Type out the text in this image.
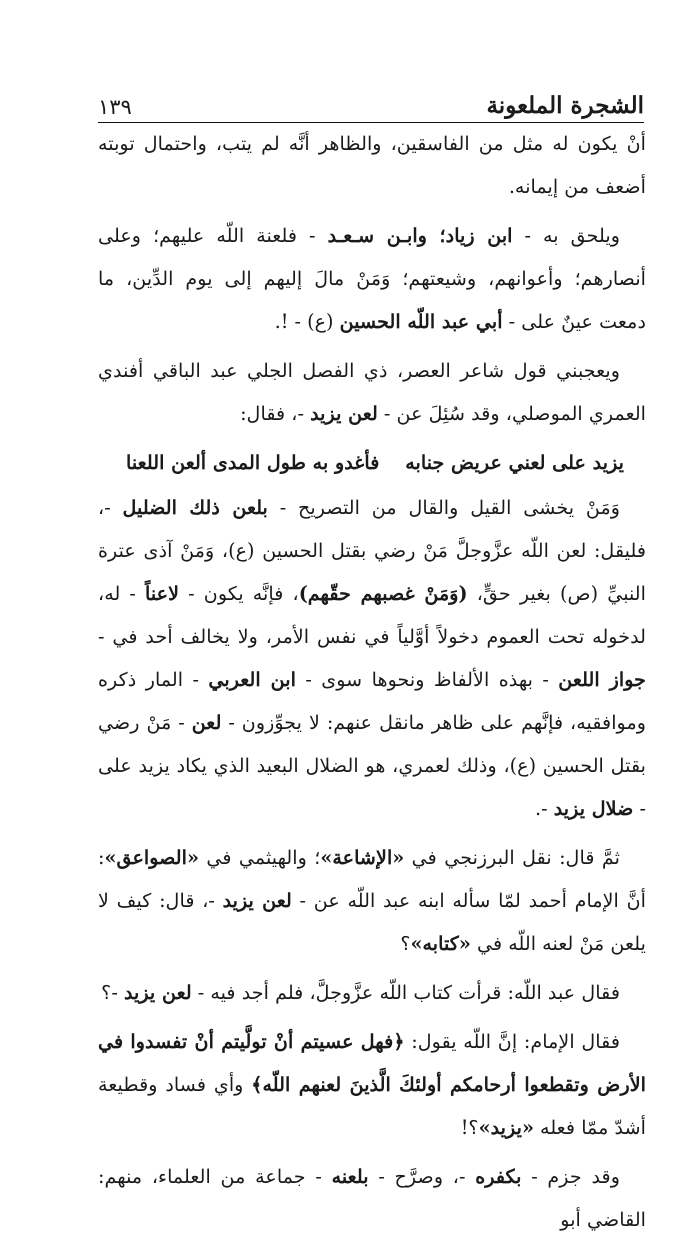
١٣٩	الشجرة الملعونة

أنْ يكون له مثل من الفاسقين، والظاهر أنَّه لم يتب، واحتمال توبته أضعف من إيمانه.

ويلحق به - ابن زياد؛ وابـن سـعـد - فلعنة اللّه عليهم؛ وعلى أنصارهم؛ وأعوانهم، وشيعتهم؛ وَمَنْ مالَ إليهم إلى يوم الدِّين، ما دمعت عينٌ على - أبي عبد اللّه الحسين (ع) - !.

ويعجبني قول شاعر العصر، ذي الفصل الجلي عبد الباقي أفندي العمري الموصلي، وقد سُئِلَ عن - لعن يزيد -، فقال:

يزيد على لعني عريض جنابه
فأغدو به طول المدى ألعن اللعنا

وَمَنْ يخشى القيل والقال من التصريح - بلعن ذلك الضليل -، فليقل: لعن اللّه عزَّوجلَّ مَنْ رضي بقتل الحسين (ع)، وَمَنْ آذى عترة النبيِّ (ص) بغير حقٍّ، (وَمَنْ غصبهم حقّهم)، فإنَّه يكون - لاعناً - له، لدخوله تحت العموم دخولاً أوَّلياً في نفس الأمر، ولا يخالف أحد في - جواز اللعن - بهذه الألفاظ ونحوها سوى - ابن العربي - المار ذكره وموافقيه، فإنَّهم على ظاهر مانقل عنهم: لا يجوِّزون - لعن - مَنْ رضي بقتل الحسين (ع)، وذلك لعمري، هو الضلال البعيد الذي يكاد يزيد على - ضلال يزيد -.

ثمَّ قال: نقل البرزنجي في «الإشاعة»؛ والهيثمي في «الصواعق»: أنَّ الإمام أحمد لمّا سأله ابنه عبد اللّه عن - لعن يزيد -، قال: كيف لا يلعن مَنْ لعنه اللّه في «كتابه»؟

فقال عبد اللّه: قرأت كتاب اللّه عزَّوجلَّ، فلم أجد فيه - لعن يزيد -؟

فقال الإمام: إنَّ اللّه يقول: ﴿فهل عسيتم أنْ تولَّيتم أنْ تفسدوا في الأرض وتقطعوا أرحامكم أولئكَ الَّذينَ لعنهم اللّه﴾ وأي فساد وقطيعة أشدّ ممّا فعله «يزيد»؟!

وقد جزم - بكفره -، وصرَّح - بلعنه - جماعة من العلماء، منهم: القاضي أبو
